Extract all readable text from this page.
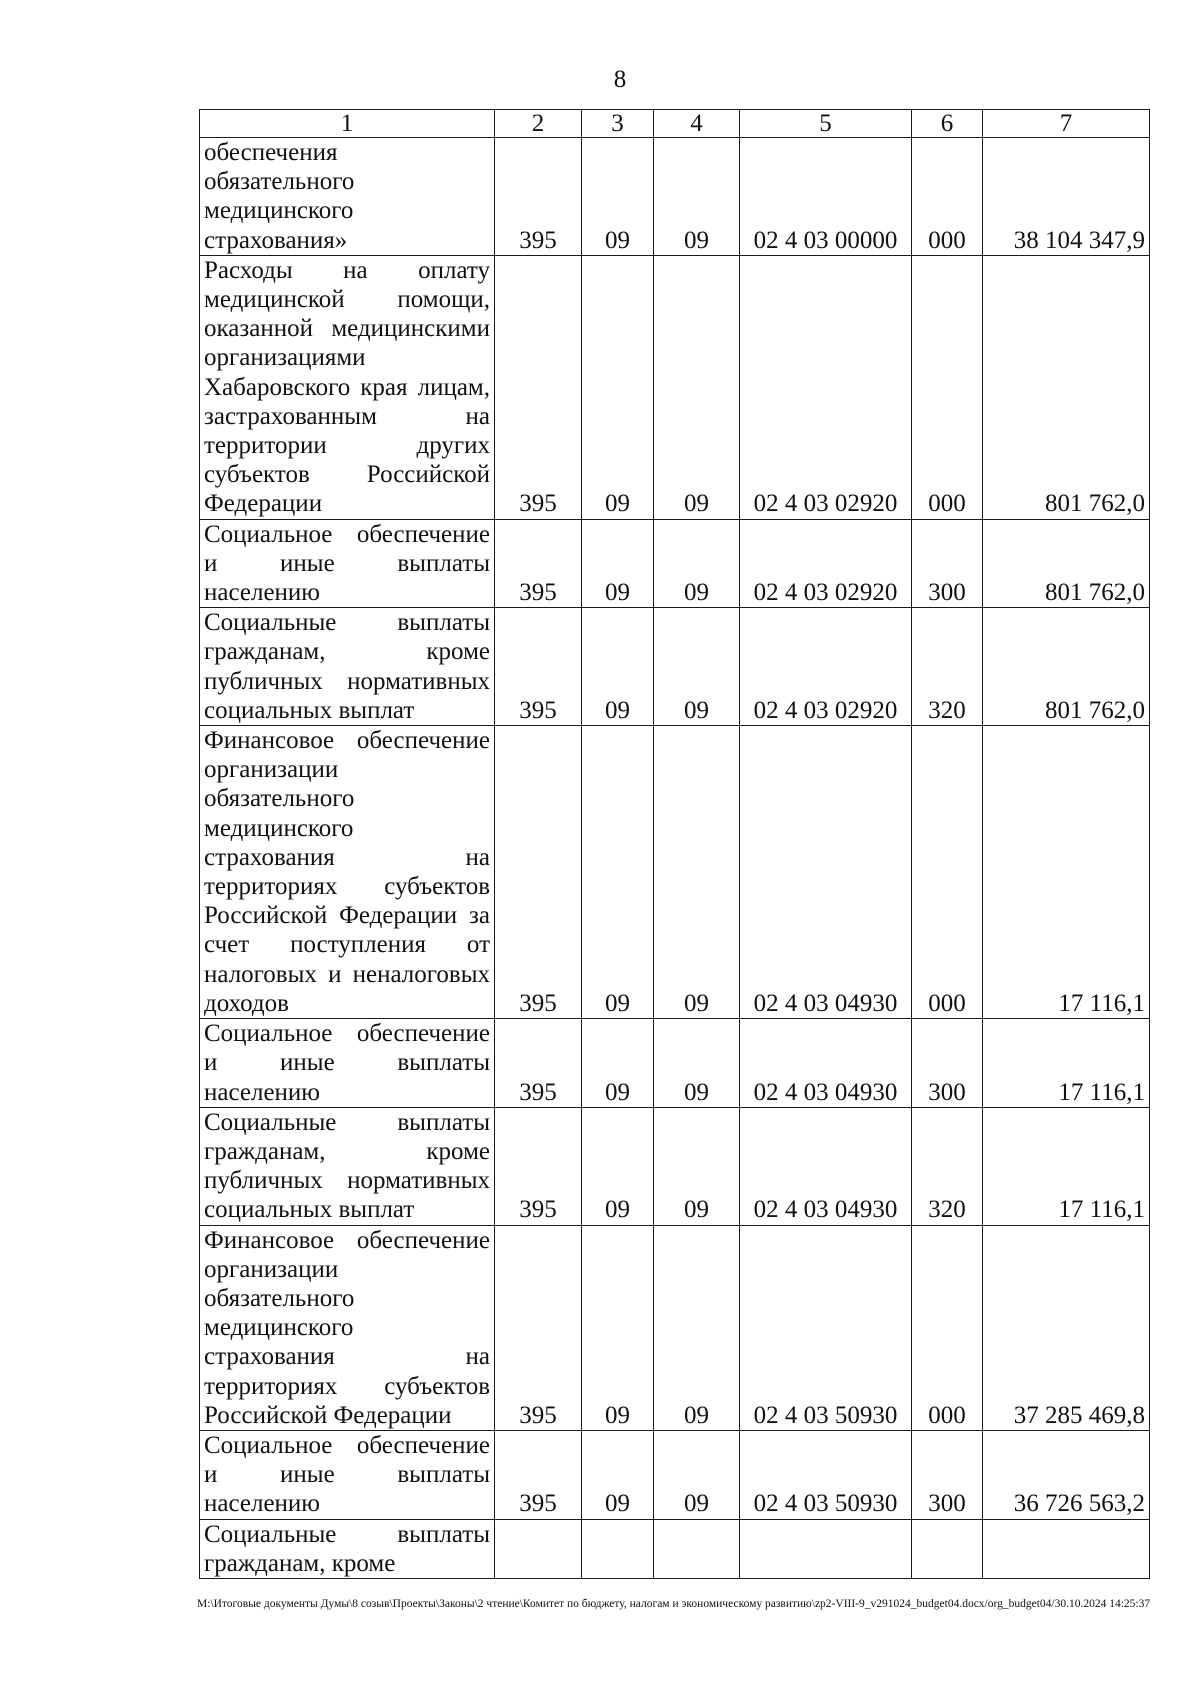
8
1	2	3	4	5	6	7
обеспечения обязательного медицинского страхования»	395	09	09	02 4 03 00000	000	38 104 347,9
Расходы на оплату медицинской помощи, оказанной медицинскими организациями Хабаровского края лицам, застрахованным на территории других субъектов Российской Федерации	395	09	09	02 4 03 02920	000	801 762,0
Социальное обеспечение и иные выплаты населению	395	09	09	02 4 03 02920	300	801 762,0
Социальные выплаты гражданам, кроме публичных нормативных социальных выплат	395	09	09	02 4 03 02920	320	801 762,0
Финансовое обеспечение организации обязательного медицинского страхования на территориях субъектов Российской Федерации за счет поступления от налоговых и неналоговых доходов	395	09	09	02 4 03 04930	000	17 116,1
Социальное обеспечение и иные выплаты населению	395	09	09	02 4 03 04930	300	17 116,1
Социальные выплаты гражданам, кроме публичных нормативных социальных выплат	395	09	09	02 4 03 04930	320	17 116,1
Финансовое обеспечение организации обязательного медицинского страхования на территориях субъектов Российской Федерации	395	09	09	02 4 03 50930	000	37 285 469,8
Социальное обеспечение и иные выплаты населению	395	09	09	02 4 03 50930	300	36 726 563,2
Социальные выплаты гражданам, кроме						
M:\Итоговые документы Думы\8 созыв\Проекты\Законы\2 чтение\Комитет по бюджету, налогам и экономическому развитию\zp2-VIII-9_v291024_budget04.docx/org_budget04/30.10.2024 14:25:37
